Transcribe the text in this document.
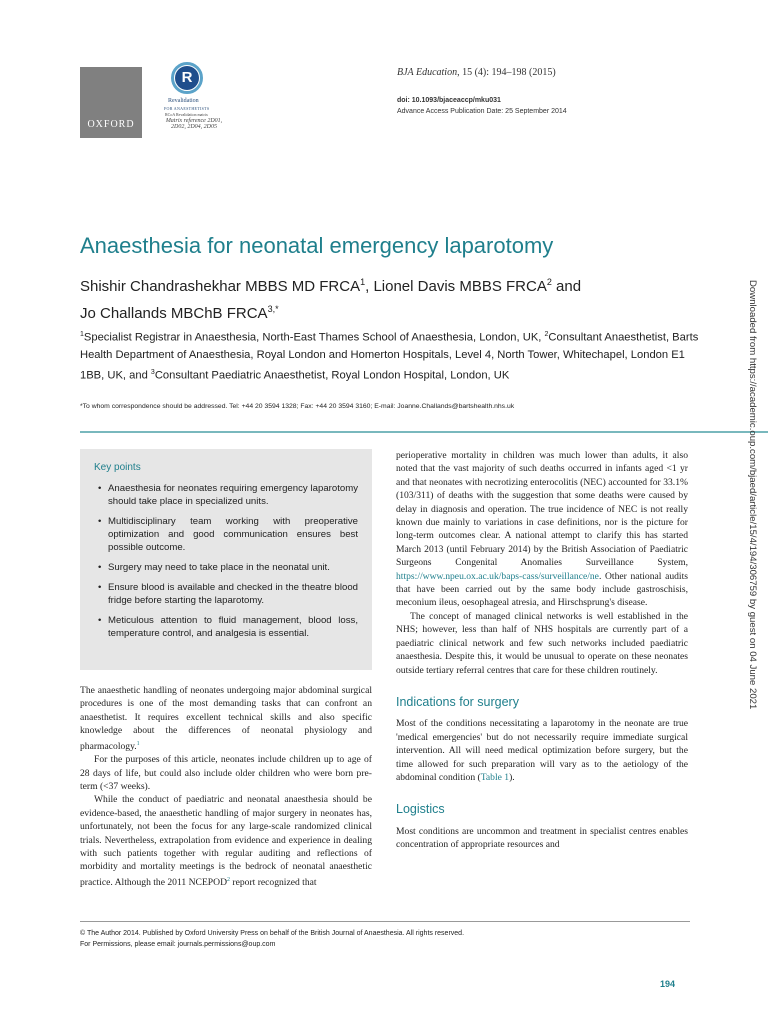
OXFORD
R
Revalidation
FOR ANAESTHETISTS
RCoA Revalidation matrix
Matrix reference 2D01, 2D02, 2D04, 2D05
BJA Education, 15 (4): 194–198 (2015)
doi: 10.1093/bjaceaccp/mku031
Advance Access Publication Date: 25 September 2014
Anaesthesia for neonatal emergency laparotomy
Shishir Chandrashekhar MBBS MD FRCA$^1$, Lionel Davis MBBS FRCA$^2$ and
Jo Challands MBChB $FRCA^{3,*}$
$^1$Specialist Registrar in Anaesthesia, North-East Thames School of Anaesthesia, London, UK, $^2$Consultant Anaesthetist, Barts Health Department of Anaesthesia, Royal London and Homerton Hospitals, Level 4, North Tower, Whitechapel, London E1 1BB, UK, and $^3$Consultant Paediatric Anaesthetist, Royal London Hospital, London, UK
*To whom correspondence should be addressed. Tel: +44 20 3594 1328; Fax: +44 20 3594 3160; E-mail: Joanne.Challands@bartshealth.nhs.uk	Downloaded from https://academic.oup.com/bjaed/article/15/4/194/306759 by guest on 04 June 2021
Key points
• Anaesthesia for neonates requiring emergency laparotomy should take place in specialized units.
• Multidisciplinary team working with preoperative optimization and good communication ensures best possible outcome.
• Surgery may need to take place in the neonatal unit.
• Ensure blood is available and checked in the theatre blood fridge before starting the laparotomy.
• Meticulous attention to fluid management, blood loss, temperature control, and analgesia is essential.

The anaesthetic handling of neonates undergoing major abdominal surgical procedures is one of the most demanding tasks that can confront an anaesthetist. It requires excellent technical skills and also specific knowledge about the differences of neonatal physiology and pharmacology.$^1$

For the purposes of this article, neonates include children up to age of 28 days of life, but could also include older children who were born pre-term (<37 weeks).

While the conduct of paediatric and neonatal anaesthesia should be evidence-based, the anaesthetic handling of major surgery in neonates has, unfortunately, not been the focus for any large-scale randomized clinical trials. Nevertheless, extrapolation from evidence and experience in dealing with such patients together with regular auditing and reflections of morbidity and mortality meetings is the bedrock of neonatal anaesthetic practice. Although the 2011 NCEPOD$^2$ report recognized that

perioperative mortality in children was much lower than adults, it also noted that the vast majority of such deaths occurred in infants aged <1 yr and that neonates with necrotizing enterocolitis (NEC) accounted for 33.1% (103/311) of deaths with the suggestion that some deaths were caused by delay in diagnosis and operation. The true incidence of NEC is not really known due mainly to variations in case definitions, nor is the picture for long-term outcomes clear. A national attempt to clarify this has started March 2013 (until February 2014) by the British Association of Paediatric Surgeons Congenital Anomalies Surveillance System, https://www.npeu.ox.ac.uk/baps-cass/surveillance/ne. Other national audits that have been carried out by the same body include gastroschisis, meconium ileus, oesophageal atresia, and Hirschsprung's disease.

The concept of managed clinical networks is well established in the NHS; however, less than half of NHS hospitals are currently part of a paediatric clinical network and few such networks included paediatric anaesthesia. Despite this, it would be unusual to operate on these neonates outside tertiary referral centres that care for these children routinely.

Indications for surgery

Most of the conditions necessitating a laparotomy in the neonate are true 'medical emergencies' but do not necessarily require immediate surgical intervention. All will need medical optimization before surgery, but the time allowed for such preparation will vary as to the aetiology of the abdominal condition (Table 1).

Logistics

Most conditions are uncommon and treatment in specialist centres enables concentration of appropriate resources and

© The Author 2014. Published by Oxford University Press on behalf of the British Journal of Anaesthesia. All rights reserved.
For Permissions, please email: journals.permissions@oup.com
194
